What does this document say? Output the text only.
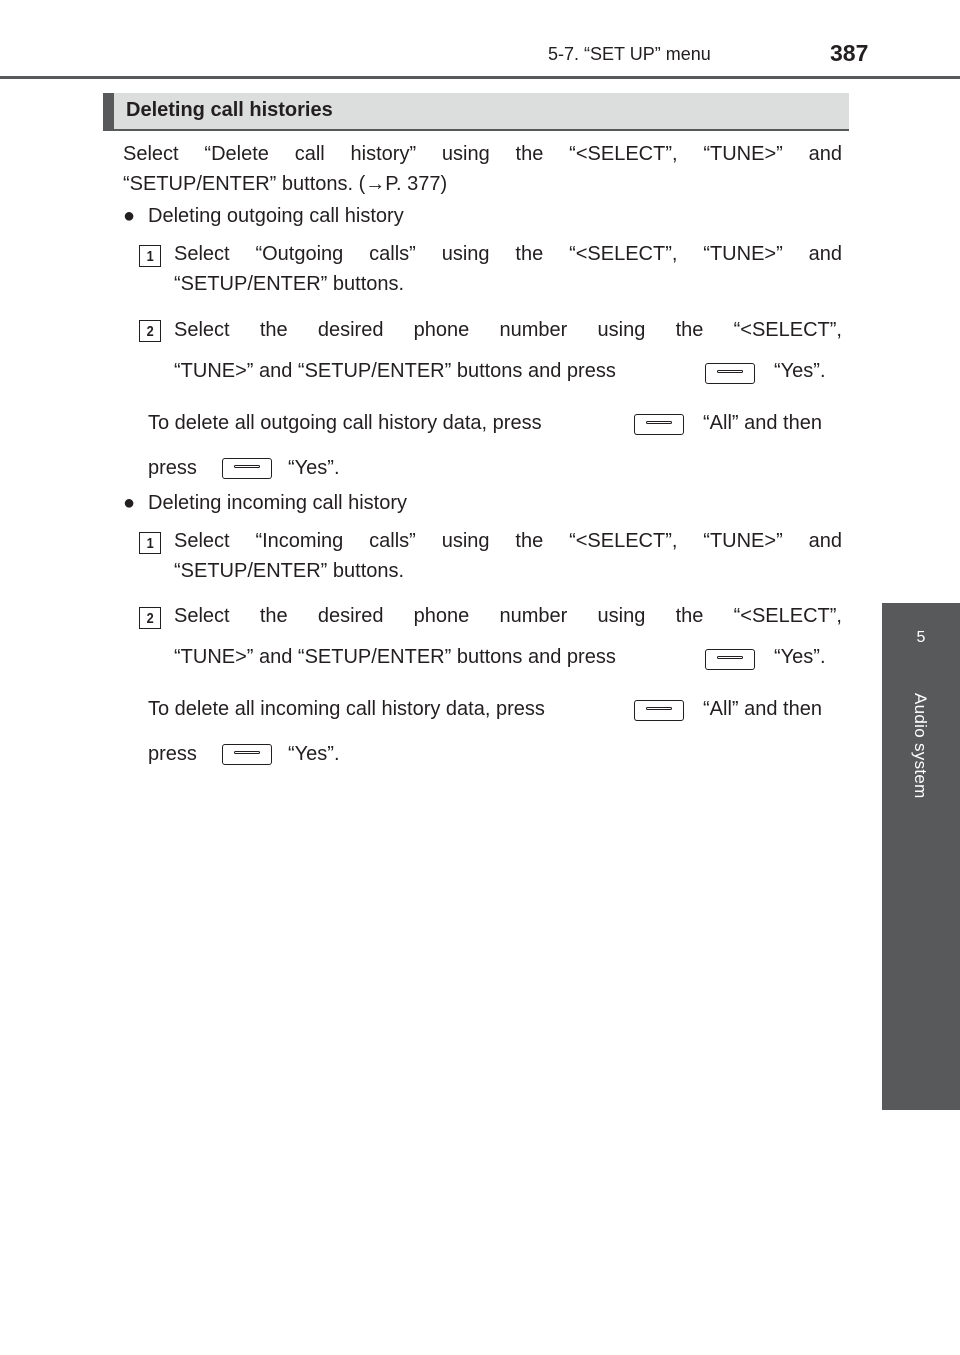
5-7. “SET UP” menu	387
5
Audio system
Deleting call histories
Select “Delete call history” using the “<SELECT”, “TUNE>” and
“SETUP/ENTER” buttons. (→P. 377)
● Deleting outgoing call history
1	Select “Outgoing calls” using the “<SELECT”, “TUNE>” and
“SETUP/ENTER” buttons.
2	Select the desired phone number using the “<SELECT”,
“TUNE>” and “SETUP/ENTER” buttons and press	“Yes”.
To delete all outgoing call history data, press	“All” and then
press	“Yes”.
● Deleting incoming call history
1	Select “Incoming calls” using the “<SELECT”, “TUNE>” and
“SETUP/ENTER” buttons.
2	Select the desired phone number using the “<SELECT”,
“TUNE>” and “SETUP/ENTER” buttons and press	“Yes”.
To delete all incoming call history data, press	“All” and then
press	“Yes”.
